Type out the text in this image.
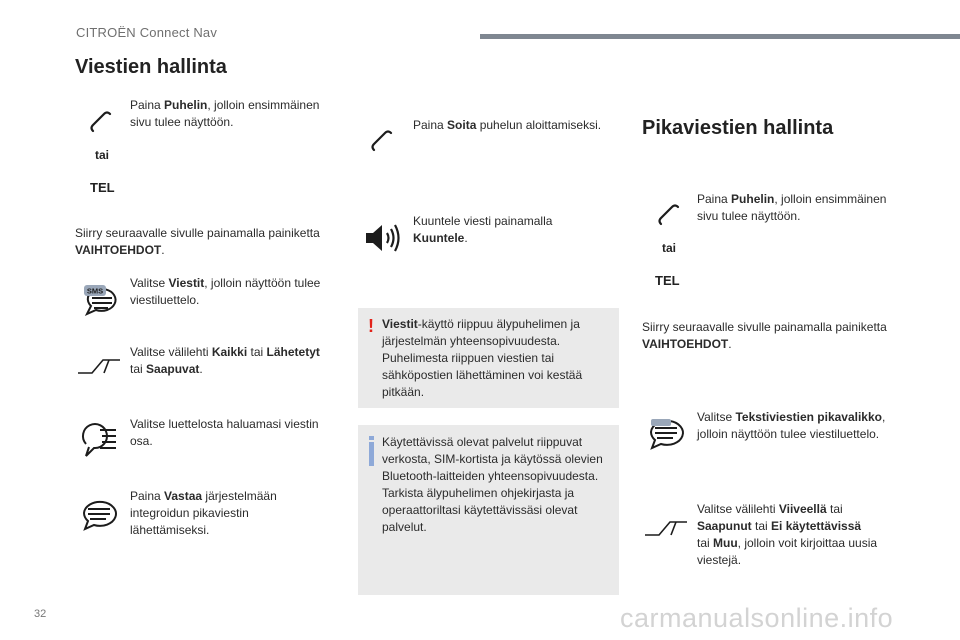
CITROËN Connect Nav
Viestien hallinta
Paina Puhelin, jolloin ensimmäinen sivu tulee näyttöön.
tai
TEL
Siirry seuraavalle sivulle painamalla painiketta VAIHTOEHDOT.
SMS
Valitse Viestit, jolloin näyttöön tulee viestiluettelo.
Valitse välilehti Kaikki tai Lähetetyt
tai Saapuvat.
Valitse luettelosta haluamasi viestin osa.
Paina Vastaa järjestelmään integroidun pikaviestin lähettämiseksi.
Paina Soita puhelun aloittamiseksi.
Kuuntele viesti painamalla Kuuntele.
! Viestit-käyttö riippuu älypuhelimen ja järjestelmän yhteensopivuudesta. Puhelimesta riippuen viestien tai sähköpostien lähettäminen voi kestää pitkään.
Käytettävissä olevat palvelut riippuvat verkosta, SIM-kortista ja käytössä olevien Bluetooth-laitteiden yhteensopivuudesta. Tarkista älypuhelimen ohjekirjasta ja operaattoriltasi käytettävissäsi olevat palvelut.
Pikaviestien hallinta
Paina Puhelin, jolloin ensimmäinen sivu tulee näyttöön.
tai
TEL
Siirry seuraavalle sivulle painamalla painiketta VAIHTOEHDOT.
Valitse Tekstiviestien pikavalikko, jolloin näyttöön tulee viestiluettelo.
Valitse välilehti Viiveellä tai
Saapunut tai Ei käytettävissä
tai Muu, jolloin voit kirjoittaa uusia viestejä.
32	carmanualsonline.info
